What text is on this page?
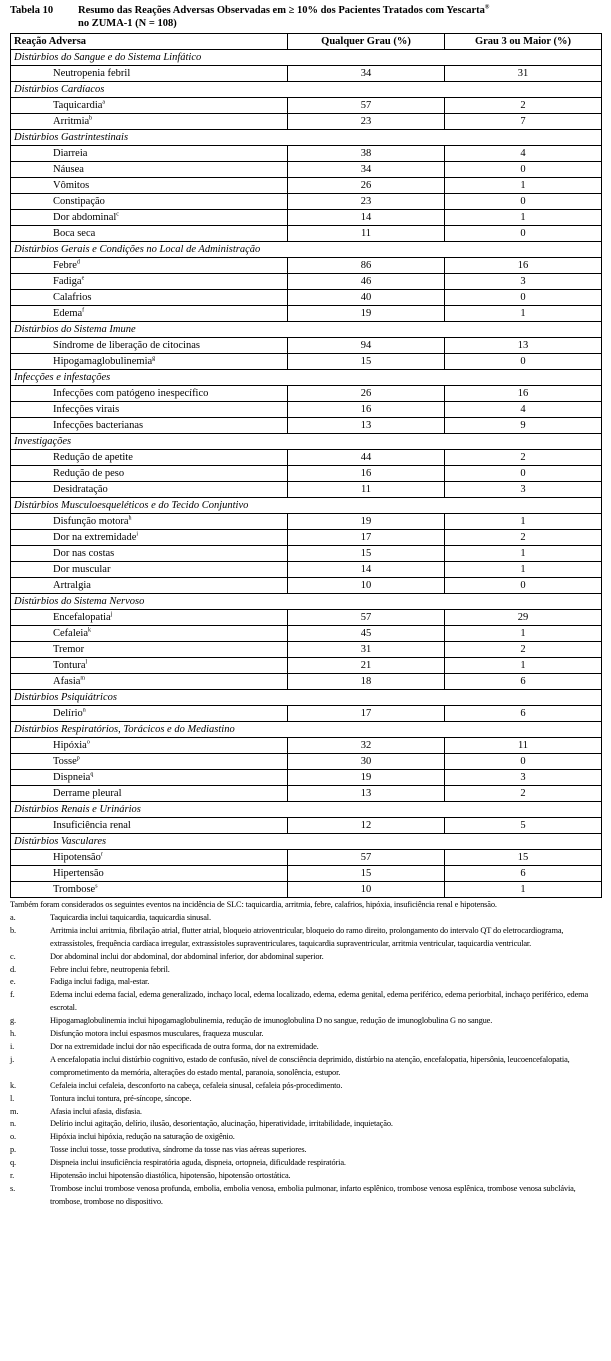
Tabela 10	Resumo das Reações Adversas Observadas em ≥ 10% dos Pacientes Tratados com Yescarta®
no ZUMA-1 (N = 108)
Reação Adversa	Qualquer Grau (%)	Grau 3 ou Maior (%)
Distúrbios do Sangue e do Sistema Linfático		
Neutropenia febril	34	31
Distúrbios Cardíacos		
Taquicardia$^a$	57	2
Arritmia$^b$	23	7
Distúrbios Gastrintestinais		
Diarreia	38	4
Náusea	34	0
Vômitos	26	1
Constipação	23	0
Dor abdominal$^c$	14	1
Boca seca	11	0
Distúrbios Gerais e Condições no Local de Administração		
Febre$^d$	86	16
Fadiga$^e$	46	3
Calafrios	40	0
Edema$^f$	19	1
Distúrbios do Sistema Imune		
Síndrome de liberação de citocinas	94	13
Hipogamaglobulinemia$^g$	15	0
Infecções e infestações		
Infecções com patógeno inespecífico	26	16
Infecções virais	16	4
Infecções bacterianas	13	9
Investigações		
Redução de apetite	44	2
Redução de peso	16	0
Desidratação	11	3
Distúrbios Musculoesqueléticos e do Tecido Conjuntivo		
Disfunção motora$^h$	19	1
Dor na extremidade$^i$	17	2
Dor nas costas	15	1
Dor muscular	14	1
Artralgia	10	0
Distúrbios do Sistema Nervoso		
Encefalopatia$^j$	57	29
Cefaleia$^k$	45	1
Tremor	31	2
Tontura$^l$	21	1
Afasia$^m$	18	6
Distúrbios Psiquiátricos		
Delírio$^n$	17	6
Distúrbios Respiratórios, Torácicos e do Mediastino		
Hipóxia$^o$	32	11
Tosse$^p$	30	0
Dispneia$^q$	19	3
Derrame pleural	13	2
Distúrbios Renais e Urinários		
Insuficiência renal	12	5
Distúrbios Vasculares		
Hipotensão$^r$	57	15
Hipertensão	15	6
Trombose$^s$	10	1
Também foram considerados os seguintes eventos na incidência de SLC: taquicardia, arritmia, febre, calafrios, hipóxia, insuficiência renal e hipotensão.
a.	Taquicardia inclui taquicardia, taquicardia sinusal.
b.	Arritmia inclui arritmia, fibrilação atrial, flutter atrial, bloqueio atrioventricular, bloqueio do ramo direito, prolongamento do intervalo QT do eletrocardiograma, extrassístoles, frequência cardíaca irregular, extrassístoles supraventriculares, taquicardia supraventricular, arritmia ventricular, taquicardia ventricular.
c.	Dor abdominal inclui dor abdominal, dor abdominal inferior, dor abdominal superior.
d.	Febre inclui febre, neutropenia febril.
e.	Fadiga inclui fadiga, mal-estar.
f.	Edema inclui edema facial, edema generalizado, inchaço local, edema localizado, edema, edema genital, edema periférico, edema periorbital, inchaço periférico, edema escrotal.
g.	Hipogamaglobulinemia inclui hipogamaglobulinemia, redução de imunoglobulina D no sangue, redução de imunoglobulina G no sangue.
h.	Disfunção motora inclui espasmos musculares, fraqueza muscular.
i.	Dor na extremidade inclui dor não especificada de outra forma, dor na extremidade.
j.	A encefalopatia inclui distúrbio cognitivo, estado de confusão, nível de consciência deprimido, distúrbio na atenção, encefalopatia, hipersônia, leucoencefalopatia, comprometimento da memória, alterações do estado mental, paranoia, sonolência, estupor.
k.	Cefaleia inclui cefaleia, desconforto na cabeça, cefaleia sinusal, cefaleia pós-procedimento.
l.	Tontura inclui tontura, pré-síncope, síncope.
m.	Afasia inclui afasia, disfasia.
n.	Delírio inclui agitação, delírio, ilusão, desorientação, alucinação, hiperatividade, irritabilidade, inquietação.
o.	Hipóxia inclui hipóxia, redução na saturação de oxigênio.
p.	Tosse inclui tosse, tosse produtiva, síndrome da tosse nas vias aéreas superiores.
q.	Dispneia inclui insuficiência respiratória aguda, dispneia, ortopneia, dificuldade respiratória.
r.	Hipotensão inclui hipotensão diastólica, hipotensão, hipotensão ortostática.
s.	Trombose inclui trombose venosa profunda, embolia, embolia venosa, embolia pulmonar, infarto esplênico, trombose venosa esplênica, trombose venosa subclávia, trombose, trombose no dispositivo.
